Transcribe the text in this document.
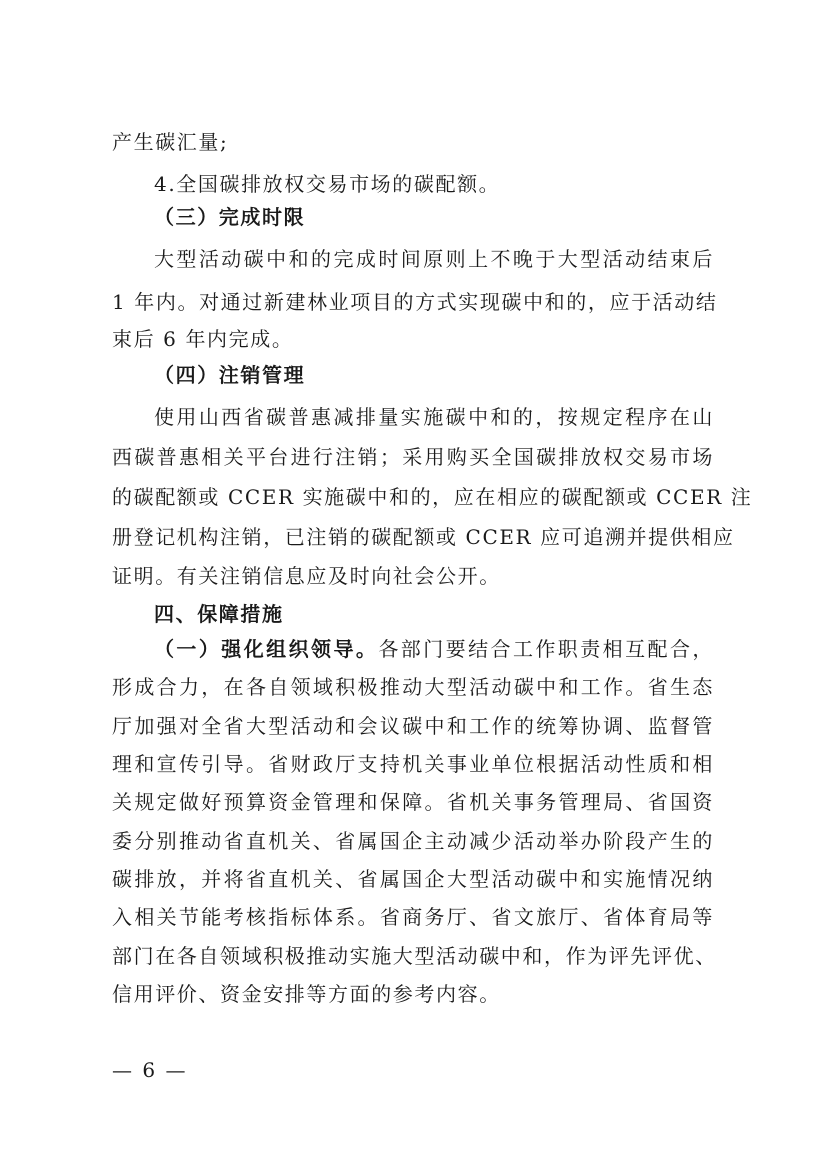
产生碳汇量;
4.全国碳排放权交易市场的碳配额。
（三）完成时限
大型活动碳中和的完成时间原则上不晚于大型活动结束后
1 年内。对通过新建林业项目的方式实现碳中和的，应于活动结
束后 6 年内完成。
（四）注销管理
使用山西省碳普惠减排量实施碳中和的，按规定程序在山
西碳普惠相关平台进行注销；采用购买全国碳排放权交易市场
的碳配额或 CCER 实施碳中和的，应在相应的碳配额或 CCER 注
册登记机构注销，已注销的碳配额或 CCER 应可追溯并提供相应
证明。有关注销信息应及时向社会公开。
四、保障措施
（一）强化组织领导。各部门要结合工作职责相互配合，
形成合力，在各自领域积极推动大型活动碳中和工作。省生态
厅加强对全省大型活动和会议碳中和工作的统筹协调、监督管
理和宣传引导。省财政厅支持机关事业单位根据活动性质和相
关规定做好预算资金管理和保障。省机关事务管理局、省国资
委分别推动省直机关、省属国企主动减少活动举办阶段产生的
碳排放，并将省直机关、省属国企大型活动碳中和实施情况纳
入相关节能考核指标体系。省商务厅、省文旅厅、省体育局等
部门在各自领域积极推动实施大型活动碳中和，作为评先评优、
信用评价、资金安排等方面的参考内容。
— 6 —
